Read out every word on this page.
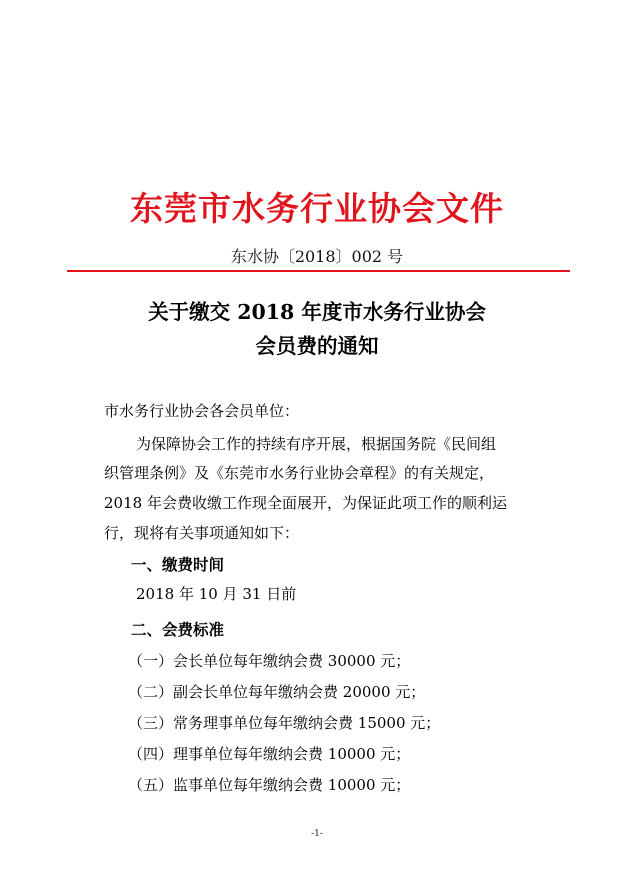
东莞市水务行业协会文件
东水协〔2018〕002 号
关于缴交 2018 年度市水务行业协会
会员费的通知
市水务行业协会各会员单位：
为保障协会工作的持续有序开展，根据国务院《民间组
织管理条例》及《东莞市水务行业协会章程》的有关规定，
2018 年会费收缴工作现全面展开，为保证此项工作的顺利运
行，现将有关事项通知如下：
一、缴费时间
2018 年 10 月 31 日前
二、会费标准
（一）会长单位每年缴纳会费 30000 元；
（二）副会长单位每年缴纳会费 20000 元；
（三）常务理事单位每年缴纳会费 15000 元；
（四）理事单位每年缴纳会费 10000 元；
（五）监事单位每年缴纳会费 10000 元；
-1-
